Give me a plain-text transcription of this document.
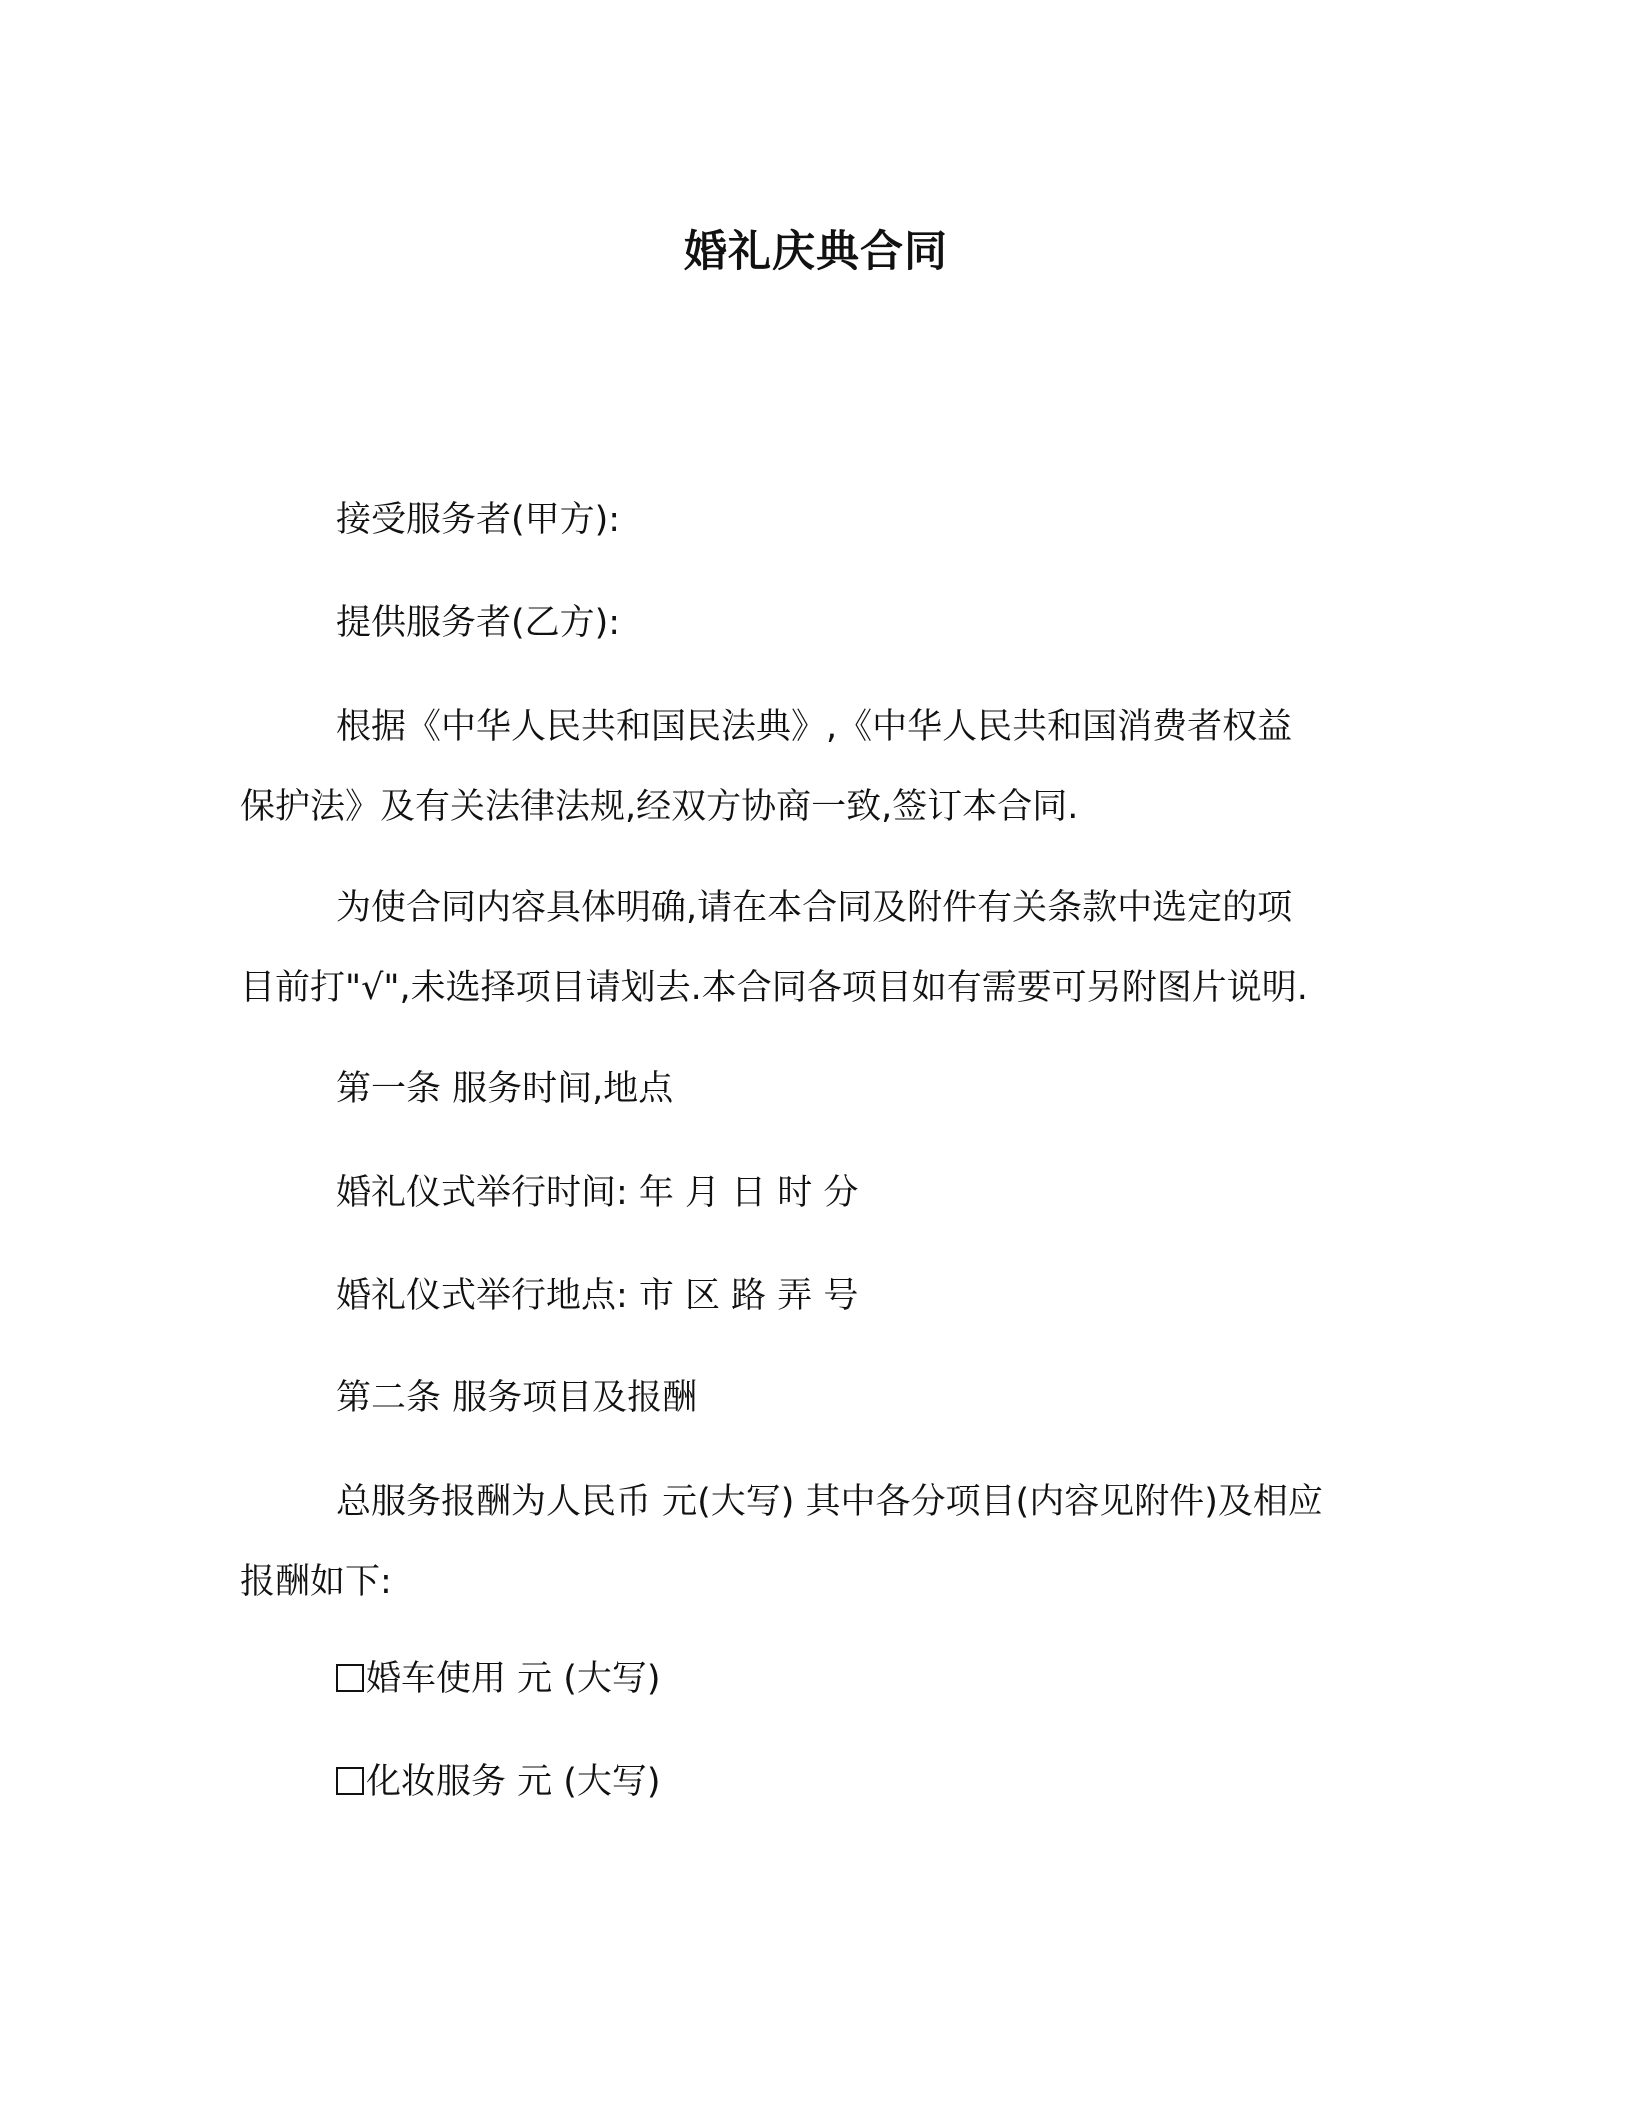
婚礼庆典合同
接受服务者(甲方):
提供服务者(乙方):
根据《中华人民共和国民法典》,《中华人民共和国消费者权益
保护法》及有关法律法规,经双方协商一致,签订本合同.
为使合同内容具体明确,请在本合同及附件有关条款中选定的项
目前打"√",未选择项目请划去.本合同各项目如有需要可另附图片说明.
第一条 服务时间,地点
婚礼仪式举行时间: 年 月 日 时 分
婚礼仪式举行地点: 市 区 路 弄 号
第二条 服务项目及报酬
总服务报酬为人民币 元(大写) 其中各分项目(内容见附件)及相应
报酬如下:
婚车使用 元 (大写)
化妆服务 元 (大写)
